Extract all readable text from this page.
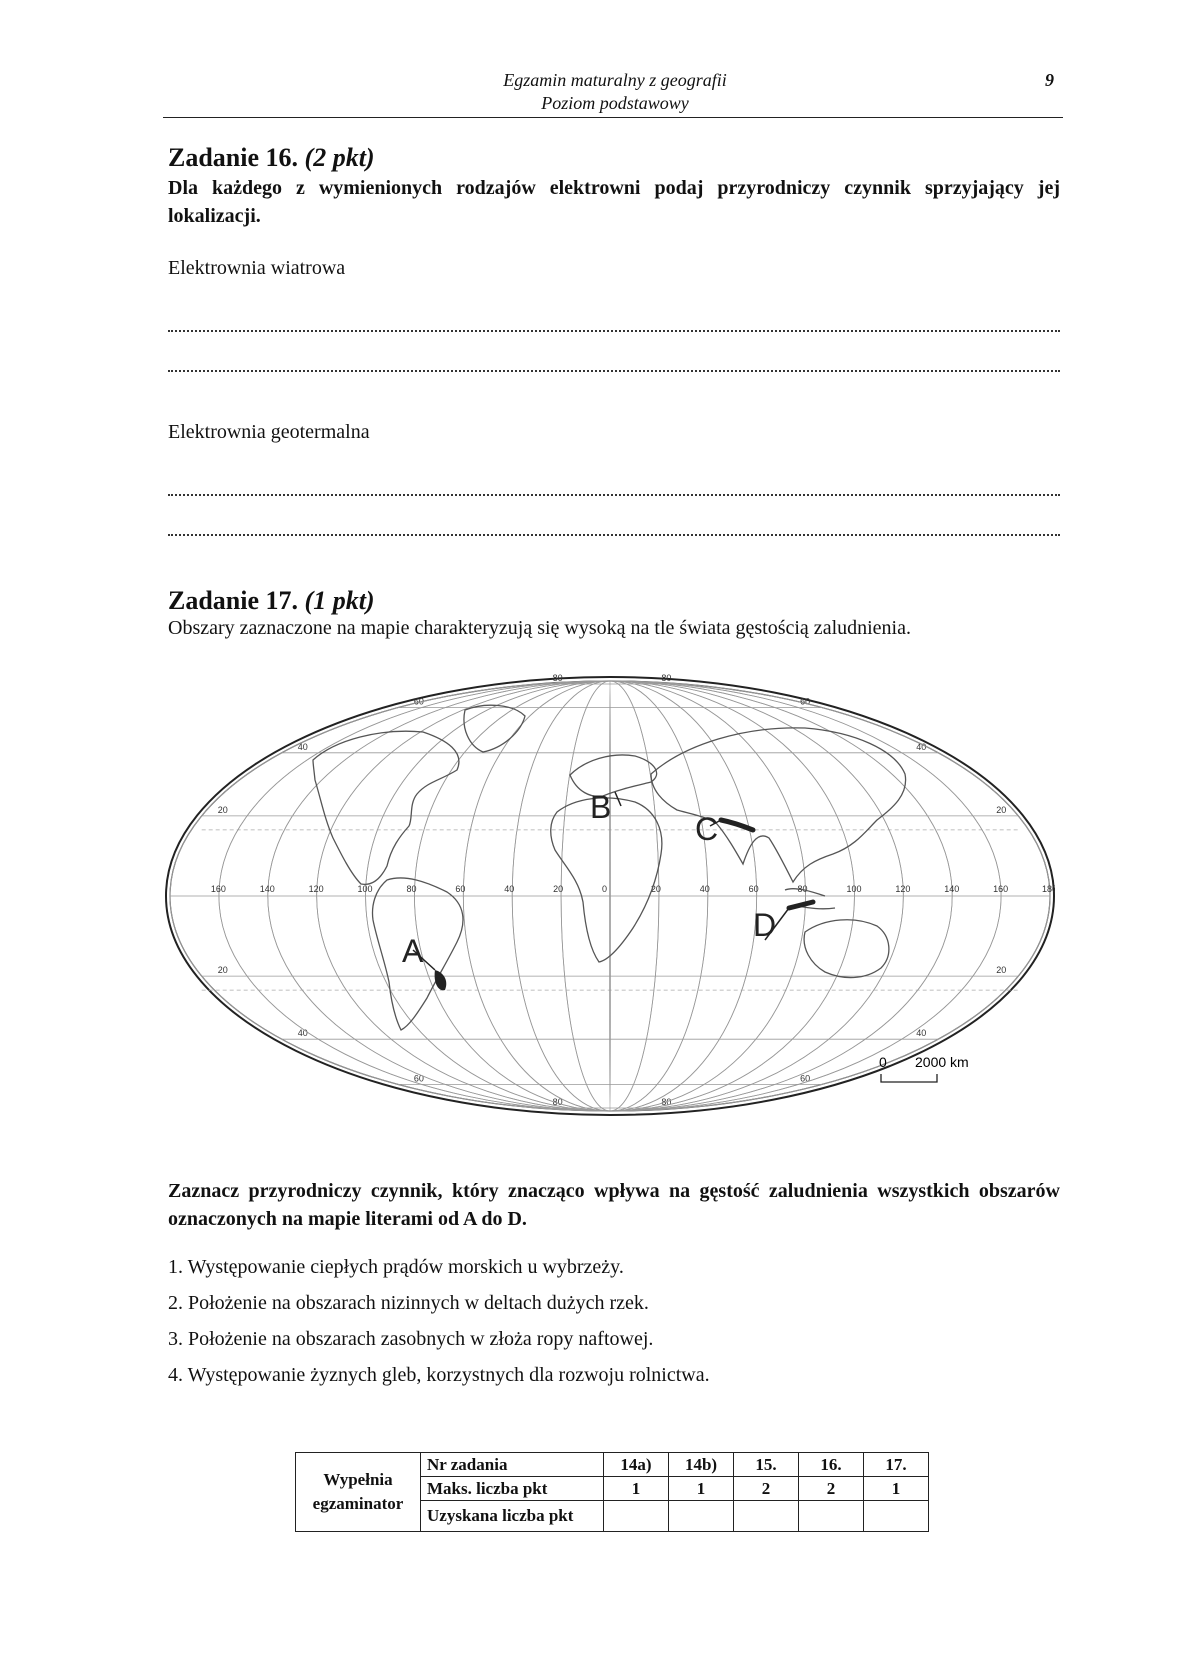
Egzamin maturalny z geografii
Poziom podstawowy
9
Zadanie 16. (2 pkt)
Dla każdego z wymienionych rodzajów elektrowni podaj przyrodniczy czynnik sprzyjający jej lokalizacji.
Elektrownia wiatrowa
Elektrownia geotermalna
Zadanie 17. (1 pkt)
Obszary zaznaczone na mapie charakteryzują się wysoką na tle świata gęstością zaludnienia.
80	80
60	60
40	40
20	20
20	20
40	40
60	60
80	80
160	140	120	100	80	60	40	20	0	20	40	60	80	100	120	140	160	180
A
B
C
D
0 2000 km
Zaznacz przyrodniczy czynnik, który znacząco wpływa na gęstość zaludnienia wszystkich obszarów oznaczonych na mapie literami od A do D.
1. Występowanie ciepłych prądów morskich u wybrzeży.
2. Położenie na obszarach nizinnych w deltach dużych rzek.
3. Położenie na obszarach zasobnych w złoża ropy naftowej.
4. Występowanie żyznych gleb, korzystnych dla rozwoju rolnictwa.
Wypełnia
egzaminator	Nr zadania	14a)	14b)	15.	16.	17.
	Maks. liczba pkt	1	1	2	2	1
	Uzyskana liczba pkt					
